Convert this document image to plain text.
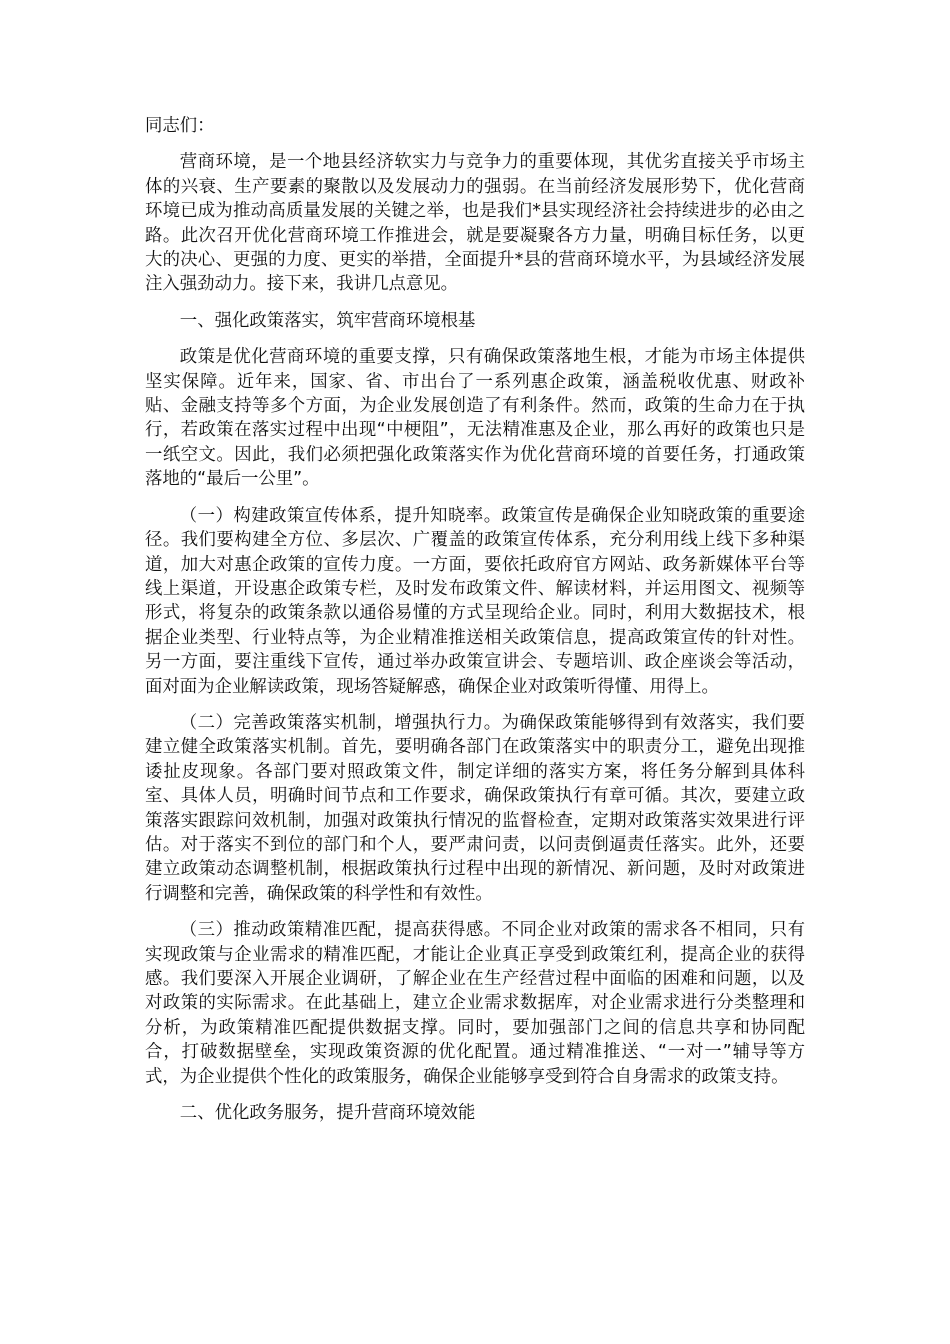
同志们：

营商环境，是一个地县经济软实力与竞争力的重要体现，其优劣直接关乎市场主体的兴衰、生产要素的聚散以及发展动力的强弱。在当前经济发展形势下，优化营商环境已成为推动高质量发展的关键之举，也是我们*县实现经济社会持续进步的必由之路。此次召开优化营商环境工作推进会，就是要凝聚各方力量，明确目标任务，以更大的决心、更强的力度、更实的举措，全面提升*县的营商环境水平，为县域经济发展注入强劲动力。接下来，我讲几点意见。

一、强化政策落实，筑牢营商环境根基

政策是优化营商环境的重要支撑，只有确保政策落地生根，才能为市场主体提供坚实保障。近年来，国家、省、市出台了一系列惠企政策，涵盖税收优惠、财政补贴、金融支持等多个方面，为企业发展创造了有利条件。然而，政策的生命力在于执行，若政策在落实过程中出现“中梗阻”，无法精准惠及企业，那么再好的政策也只是一纸空文。因此，我们必须把强化政策落实作为优化营商环境的首要任务，打通政策落地的“最后一公里”。

（一）构建政策宣传体系，提升知晓率。政策宣传是确保企业知晓政策的重要途径。我们要构建全方位、多层次、广覆盖的政策宣传体系，充分利用线上线下多种渠道，加大对惠企政策的宣传力度。一方面，要依托政府官方网站、政务新媒体平台等线上渠道，开设惠企政策专栏，及时发布政策文件、解读材料，并运用图文、视频等形式，将复杂的政策条款以通俗易懂的方式呈现给企业。同时，利用大数据技术，根据企业类型、行业特点等，为企业精准推送相关政策信息，提高政策宣传的针对性。另一方面，要注重线下宣传，通过举办政策宣讲会、专题培训、政企座谈会等活动，面对面为企业解读政策，现场答疑解惑，确保企业对政策听得懂、用得上。

（二）完善政策落实机制，增强执行力。为确保政策能够得到有效落实，我们要建立健全政策落实机制。首先，要明确各部门在政策落实中的职责分工，避免出现推诿扯皮现象。各部门要对照政策文件，制定详细的落实方案，将任务分解到具体科室、具体人员，明确时间节点和工作要求，确保政策执行有章可循。其次，要建立政策落实跟踪问效机制，加强对政策执行情况的监督检查，定期对政策落实效果进行评估。对于落实不到位的部门和个人，要严肃问责，以问责倒逼责任落实。此外，还要建立政策动态调整机制，根据政策执行过程中出现的新情况、新问题，及时对政策进行调整和完善，确保政策的科学性和有效性。

（三）推动政策精准匹配，提高获得感。不同企业对政策的需求各不相同，只有实现政策与企业需求的精准匹配，才能让企业真正享受到政策红利，提高企业的获得感。我们要深入开展企业调研，了解企业在生产经营过程中面临的困难和问题，以及对政策的实际需求。在此基础上，建立企业需求数据库，对企业需求进行分类整理和分析，为政策精准匹配提供数据支撑。同时，要加强部门之间的信息共享和协同配合，打破数据壁垒，实现政策资源的优化配置。通过精准推送、“一对一”辅导等方式，为企业提供个性化的政策服务，确保企业能够享受到符合自身需求的政策支持。

二、优化政务服务，提升营商环境效能
